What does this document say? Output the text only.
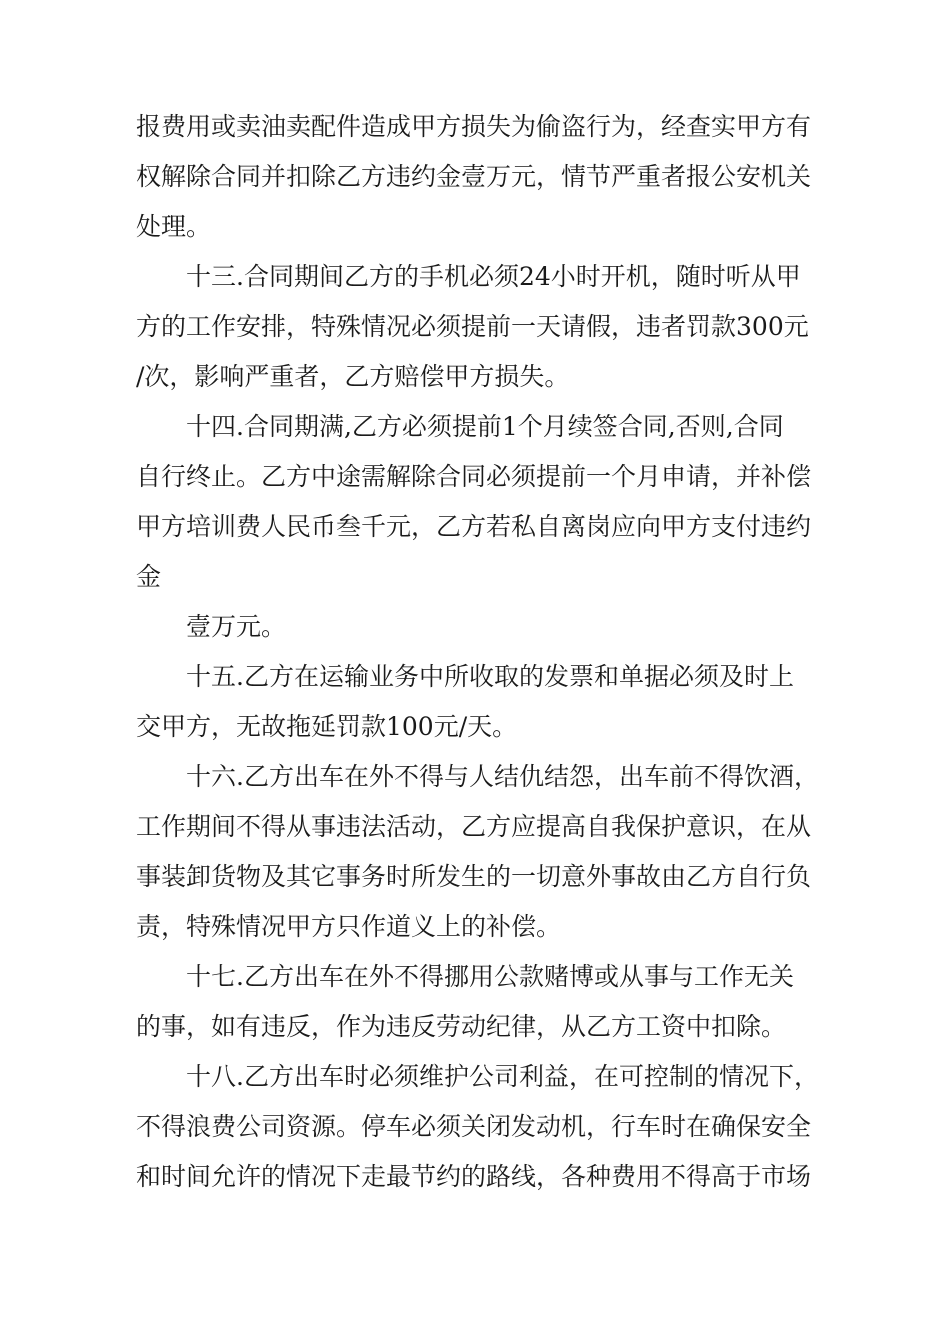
报费用或卖油卖配件造成甲方损失为偷盗行为，经查实甲方有
权解除合同并扣除乙方违约金壹万元，情节严重者报公安机关
处理。
十三.合同期间乙方的手机必须24小时开机，随时听从甲
方的工作安排，特殊情况必须提前一天请假，违者罚款300元
/次，影响严重者，乙方赔偿甲方损失。
十四.合同期满,乙方必须提前1个月续签合同,否则,合同
自行终止。乙方中途需解除合同必须提前一个月申请，并补偿
甲方培训费人民币叁千元，乙方若私自离岗应向甲方支付违约
金
壹万元。
十五.乙方在运输业务中所收取的发票和单据必须及时上
交甲方，无故拖延罚款100元/天。
十六.乙方出车在外不得与人结仇结怨，出车前不得饮酒，
工作期间不得从事违法活动，乙方应提高自我保护意识，在从
事装卸货物及其它事务时所发生的一切意外事故由乙方自行负
责，特殊情况甲方只作道义上的补偿。
十七.乙方出车在外不得挪用公款赌博或从事与工作无关
的事，如有违反，作为违反劳动纪律，从乙方工资中扣除。
十八.乙方出车时必须维护公司利益，在可控制的情况下，
不得浪费公司资源。停车必须关闭发动机，行车时在确保安全
和时间允许的情况下走最节约的路线，各种费用不得高于市场
